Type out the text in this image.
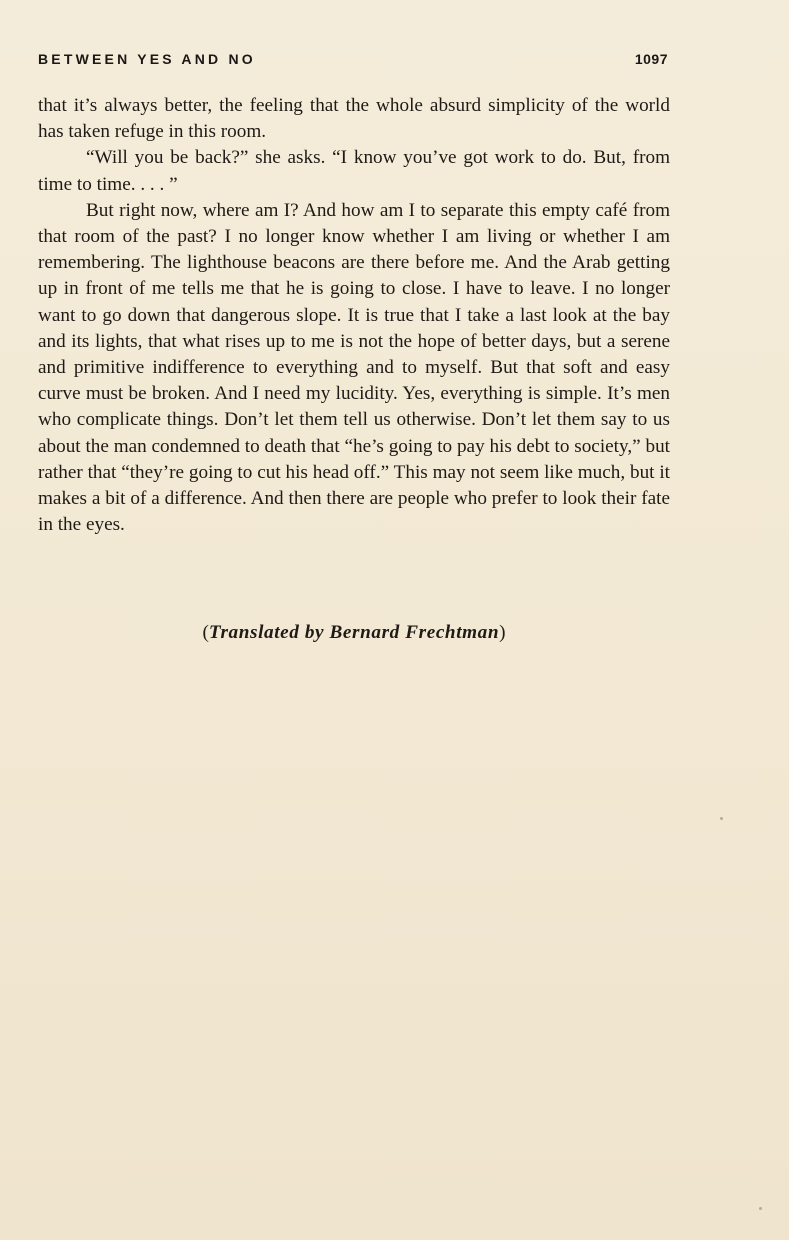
BETWEEN YES AND NO	1097

that it’s always better, the feeling that the whole absurd simplicity of the world has taken refuge in this room.

“Will you be back?” she asks. “I know you’ve got work to do. But, from time to time. . . . ”

But right now, where am I? And how am I to separate this empty café from that room of the past? I no longer know whether I am living or whether I am remembering. The lighthouse beacons are there before me. And the Arab getting up in front of me tells me that he is going to close. I have to leave. I no longer want to go down that dangerous slope. It is true that I take a last look at the bay and its lights, that what rises up to me is not the hope of better days, but a serene and primitive indifference to everything and to myself. But that soft and easy curve must be broken. And I need my lucidity. Yes, everything is simple. It’s men who complicate things. Don’t let them tell us otherwise. Don’t let them say to us about the man condemned to death that “he’s going to pay his debt to society,” but rather that “they’re going to cut his head off.” This may not seem like much, but it makes a bit of a difference. And then there are people who prefer to look their fate in the eyes.

(Translated by Bernard Frechtman)
